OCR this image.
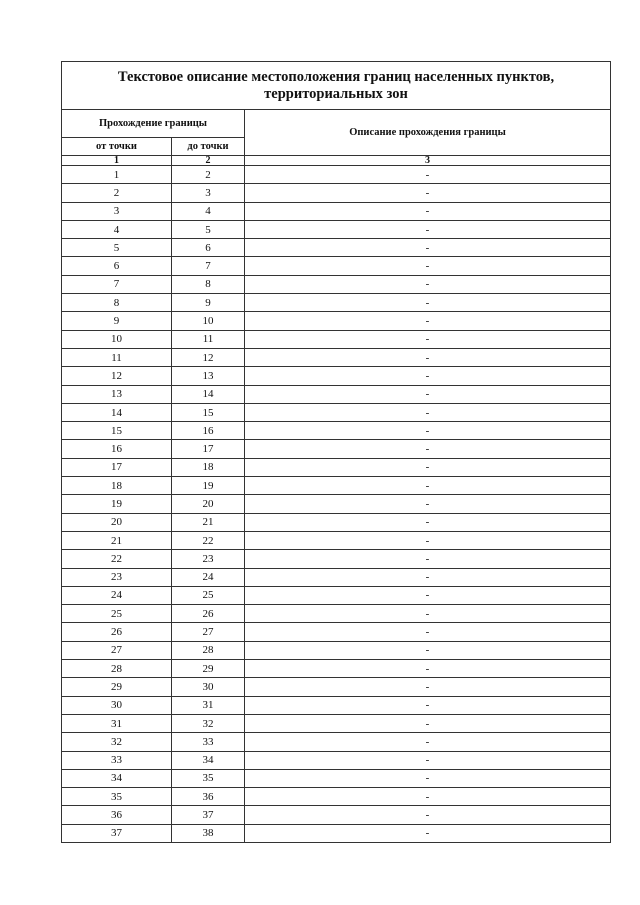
Текстовое описание местоположения границ населенных пунктов,
территориальных зон		

Прохождение границы		Описание прохождения границы
от точки	до точки	
1	2	3
1	2	-
2	3	-
3	4	-
4	5	-
5	6	-
6	7	-
7	8	-
8	9	-
9	10	-
10	11	-
11	12	-
12	13	-
13	14	-
14	15	-
15	16	-
16	17	-
17	18	-
18	19	-
19	20	-
20	21	-
21	22	-
22	23	-
23	24	-
24	25	-
25	26	-
26	27	-
27	28	-
28	29	-
29	30	-
30	31	-
31	32	-
32	33	-
33	34	-
34	35	-
35	36	-
36	37	-
37	38	-
